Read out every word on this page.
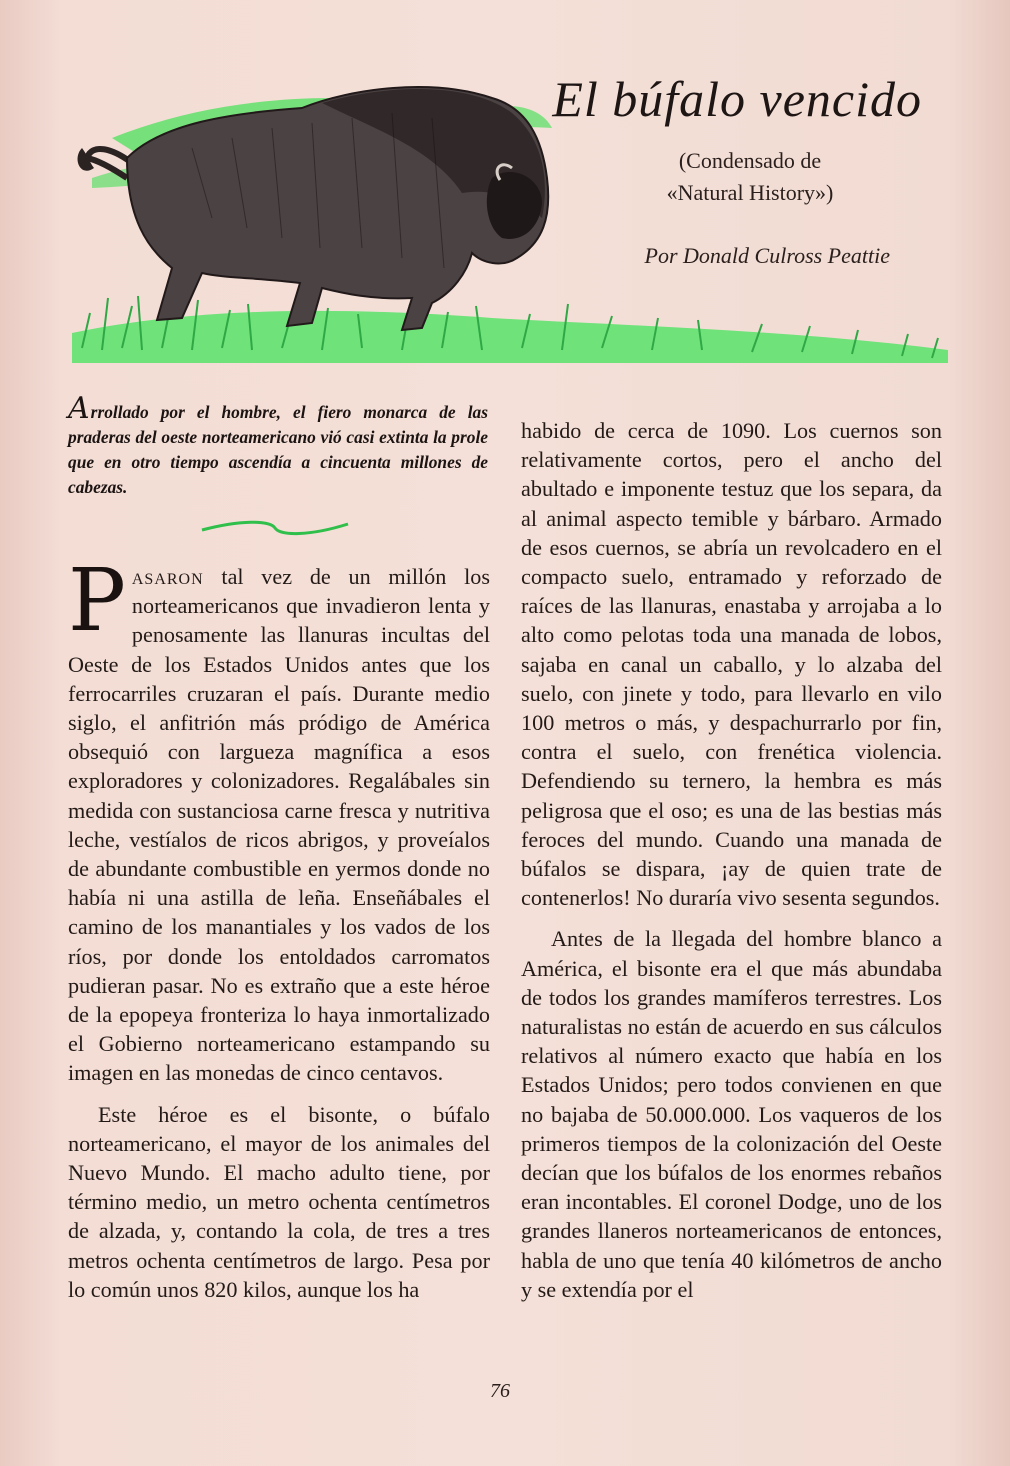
El búfalo vencido
(Condensado de
«Natural History»)
Por Donald Culross Peattie
Arrollado por el hombre, el fiero monarca de las praderas del oeste norteamericano vió casi extinta la prole que en otro tiempo ascendía a cincuenta millones de cabezas.

Pasaron tal vez de un millón los norteamericanos que invadieron lenta y penosamente las llanuras incultas del Oeste de los Estados Unidos antes que los ferrocarriles cruzaran el país. Durante medio siglo, el anfitrión más pródigo de América obsequió con largueza magnífica a esos exploradores y colonizadores. Regalábales sin medida con sustanciosa carne fresca y nutritiva leche, vestíalos de ricos abrigos, y proveíalos de abundante combustible en yermos donde no había ni una astilla de leña. Enseñábales el camino de los manantiales y los vados de los ríos, por donde los entoldados carromatos pudieran pasar. No es extraño que a este héroe de la epopeya fronteriza lo haya inmortalizado el Gobierno norteamericano estampando su imagen en las monedas de cinco centavos.

Este héroe es el bisonte, o búfalo norteamericano, el mayor de los animales del Nuevo Mundo. El macho adulto tiene, por término medio, un metro ochenta centímetros de alzada, y, contando la cola, de tres a tres metros ochenta centímetros de largo. Pesa por lo común unos 820 kilos, aunque los ha

habido de cerca de 1090. Los cuernos son relativamente cortos, pero el ancho del abultado e imponente testuz que los separa, da al animal aspecto temible y bárbaro. Armado de esos cuernos, se abría un revolcadero en el compacto suelo, entramado y reforzado de raíces de las llanuras, enastaba y arrojaba a lo alto como pelotas toda una manada de lobos, sajaba en canal un caballo, y lo alzaba del suelo, con jinete y todo, para llevarlo en vilo 100 metros o más, y despachurrarlo por fin, contra el suelo, con frenética violencia. Defendiendo su ternero, la hembra es más peligrosa que el oso; es una de las bestias más feroces del mundo. Cuando una manada de búfalos se dispara, ¡ay de quien trate de contenerlos! No duraría vivo sesenta segundos.

Antes de la llegada del hombre blanco a América, el bisonte era el que más abundaba de todos los grandes mamíferos terrestres. Los naturalistas no están de acuerdo en sus cálculos relativos al número exacto que había en los Estados Unidos; pero todos convienen en que no bajaba de 50.000.000. Los vaqueros de los primeros tiempos de la colonización del Oeste decían que los búfalos de los enormes rebaños eran incontables. El coronel Dodge, uno de los grandes llaneros norteamericanos de entonces, habla de uno que tenía 40 kilómetros de ancho y se extendía por el

76
